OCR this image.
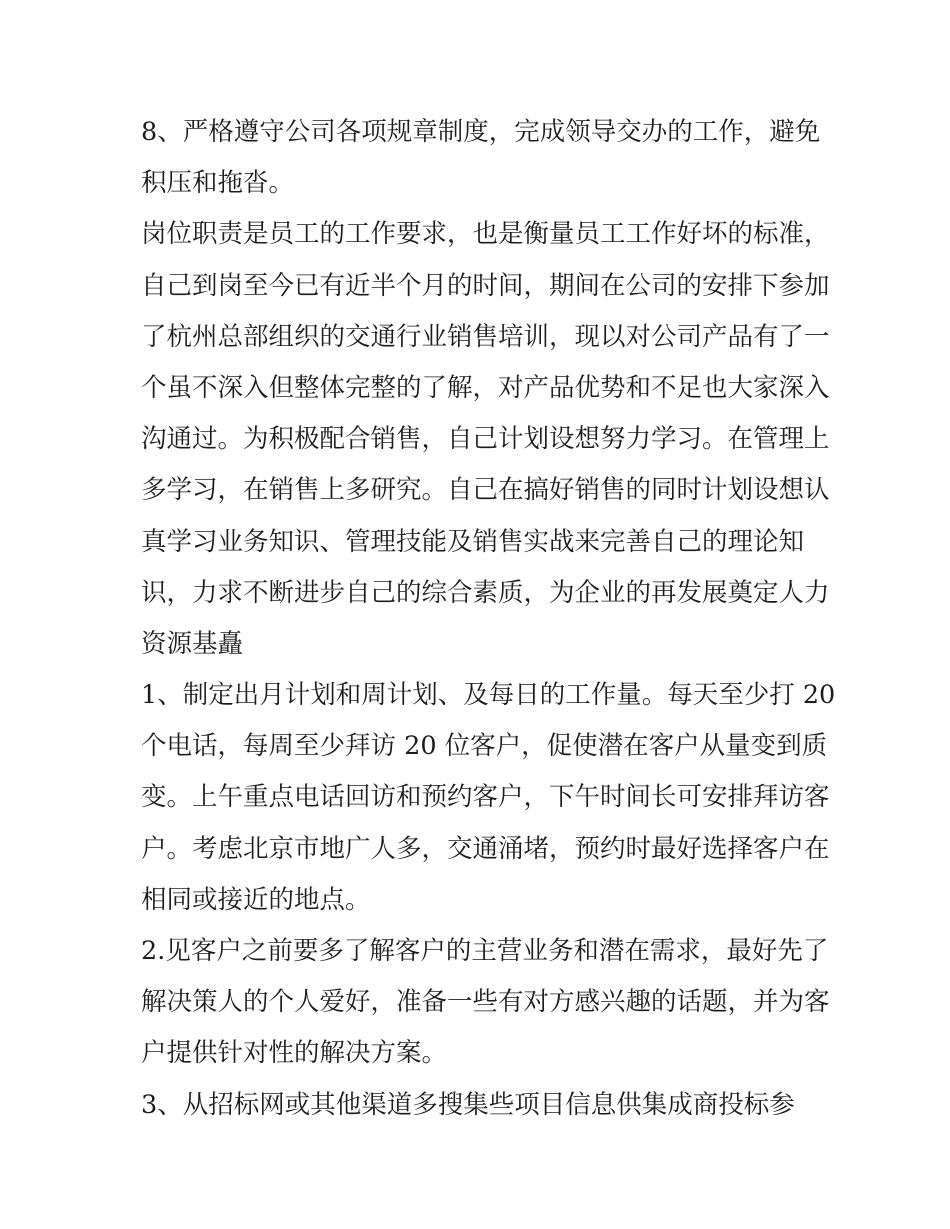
8、严格遵守公司各项规章制度，完成领导交办的工作，避免
积压和拖沓。
岗位职责是员工的工作要求，也是衡量员工工作好坏的标准，
自己到岗至今已有近半个月的时间，期间在公司的安排下参加
了杭州总部组织的交通行业销售培训，现以对公司产品有了一
个虽不深入但整体完整的了解，对产品优势和不足也大家深入
沟通过。为积极配合销售，自己计划设想努力学习。在管理上
多学习，在销售上多研究。自己在搞好销售的同时计划设想认
真学习业务知识、管理技能及销售实战来完善自己的理论知
识，力求不断进步自己的综合素质，为企业的再发展奠定人力
资源基矗
1、制定出月计划和周计划、及每日的工作量。每天至少打 20
个电话，每周至少拜访 20 位客户，促使潜在客户从量变到质
变。上午重点电话回访和预约客户，下午时间长可安排拜访客
户。考虑北京市地广人多，交通涌堵，预约时最好选择客户在
相同或接近的地点。
2.见客户之前要多了解客户的主营业务和潜在需求，最好先了
解决策人的个人爱好，准备一些有对方感兴趣的话题，并为客
户提供针对性的解决方案。
3、从招标网或其他渠道多搜集些项目信息供集成商投标参
